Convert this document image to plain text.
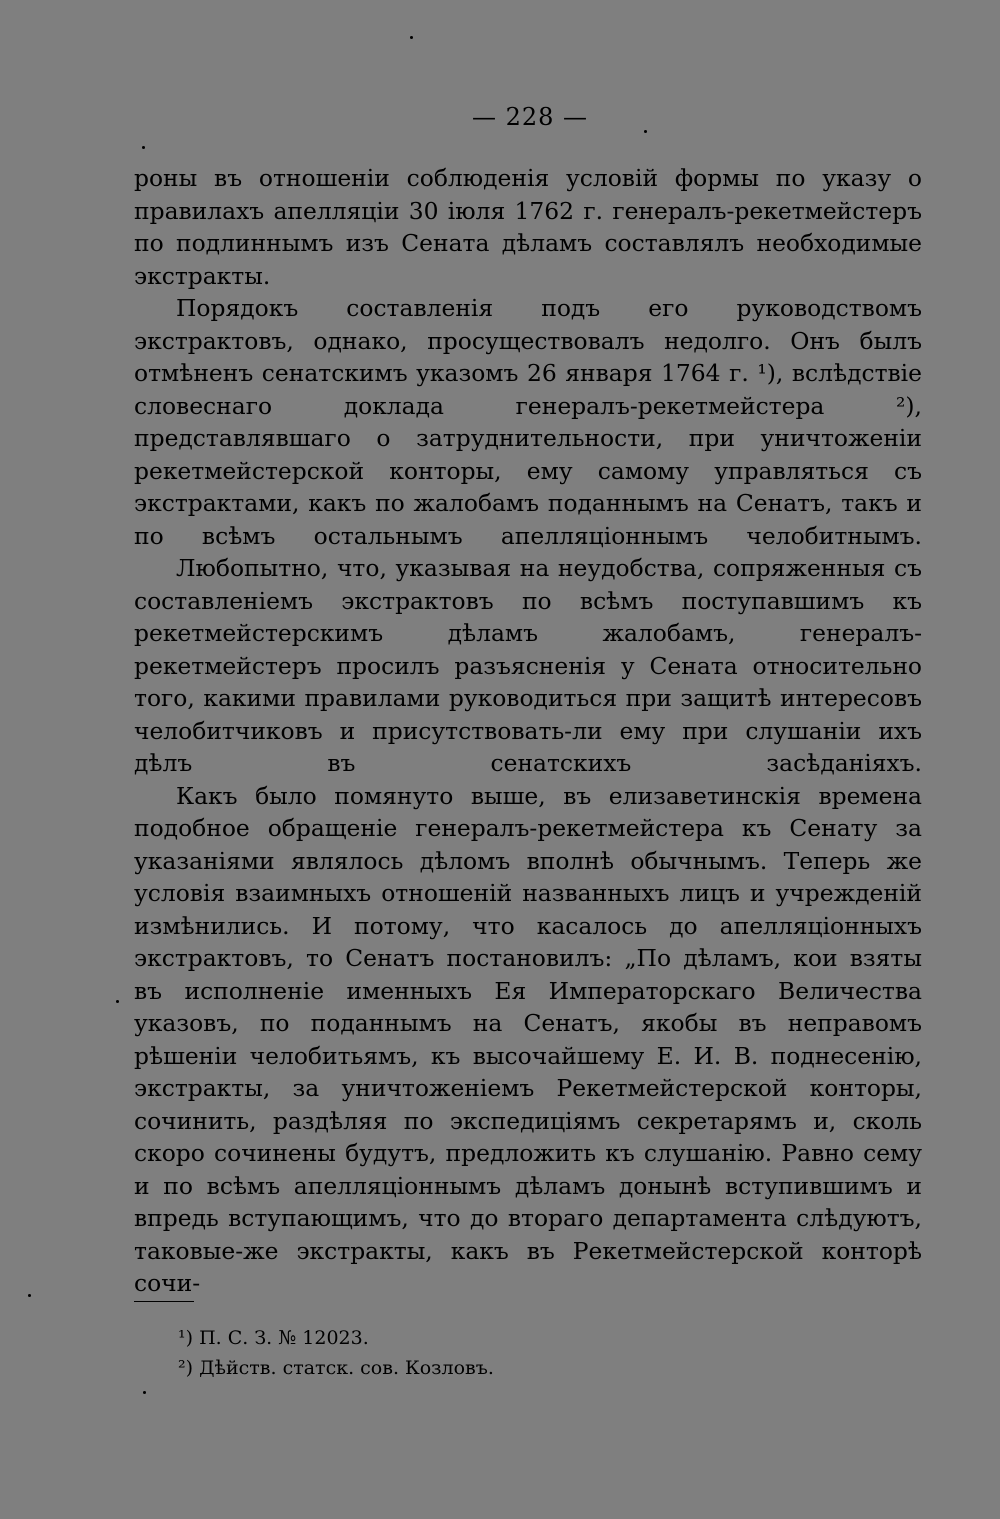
— 228 —

роны въ отношеніи соблюденія условій формы по указу о правилахъ апелляціи 30 іюля 1762 г. генералъ-рекетмейстеръ по подлиннымъ изъ Сената дѣламъ составлялъ необходимые экстракты.

Порядокъ составленія подъ его руководствомъ экстрактовъ, однако, просуществовалъ недолго. Онъ былъ отмѣненъ сенатскимъ указомъ 26 января 1764 г. ¹), вслѣдствіе словеснаго доклада генералъ-рекетмейстера ²), представлявшаго о затруднительности, при уничтоженіи рекетмейстерской конторы, ему самому управляться съ экстрактами, какъ по жалобамъ поданнымъ на Сенатъ, такъ и по всѣмъ остальнымъ апелляціоннымъ челобитнымъ.

Любопытно, что, указывая на неудобства, сопряженныя съ составленіемъ экстрактовъ по всѣмъ поступавшимъ къ рекетмейстерскимъ дѣламъ жалобамъ, генералъ-рекетмейстеръ просилъ разъясненія у Сената относительно того, какими правилами руководиться при защитѣ интересовъ челобитчиковъ и присутствовать-ли ему при слушаніи ихъ дѣлъ въ сенатскихъ засѣданіяхъ.

Какъ было помянуто выше, въ елизаветинскія времена подобное обращеніе генералъ-рекетмейстера къ Сенату за указаніями являлось дѣломъ вполнѣ обычнымъ. Теперь же условія взаимныхъ отношеній названныхъ лицъ и учрежденій измѣнились. И потому, что касалось до апелляціонныхъ экстрактовъ, то Сенатъ постановилъ: „По дѣламъ, кои взяты въ исполненіе именныхъ Ея Императорскаго Величества указовъ, по поданнымъ на Сенатъ, якобы въ неправомъ рѣшеніи челобитьямъ, къ высочайшему Е. И. В. поднесенію, экстракты, за уничтоженіемъ Рекетмейстерской конторы, сочинить, раздѣляя по экспедиціямъ секретарямъ и, сколь скоро сочинены будутъ, предложить къ слушанію. Равно сему и по всѣмъ апелляціоннымъ дѣламъ донынѣ вступившимъ и впредь вступающимъ, что до втораго департамента слѣдуютъ, таковые-же экстракты, какъ въ Рекетмейстерской конторѣ сочи-

¹) П. С. З. № 12023.

²) Дѣйств. статск. сов. Козловъ.
